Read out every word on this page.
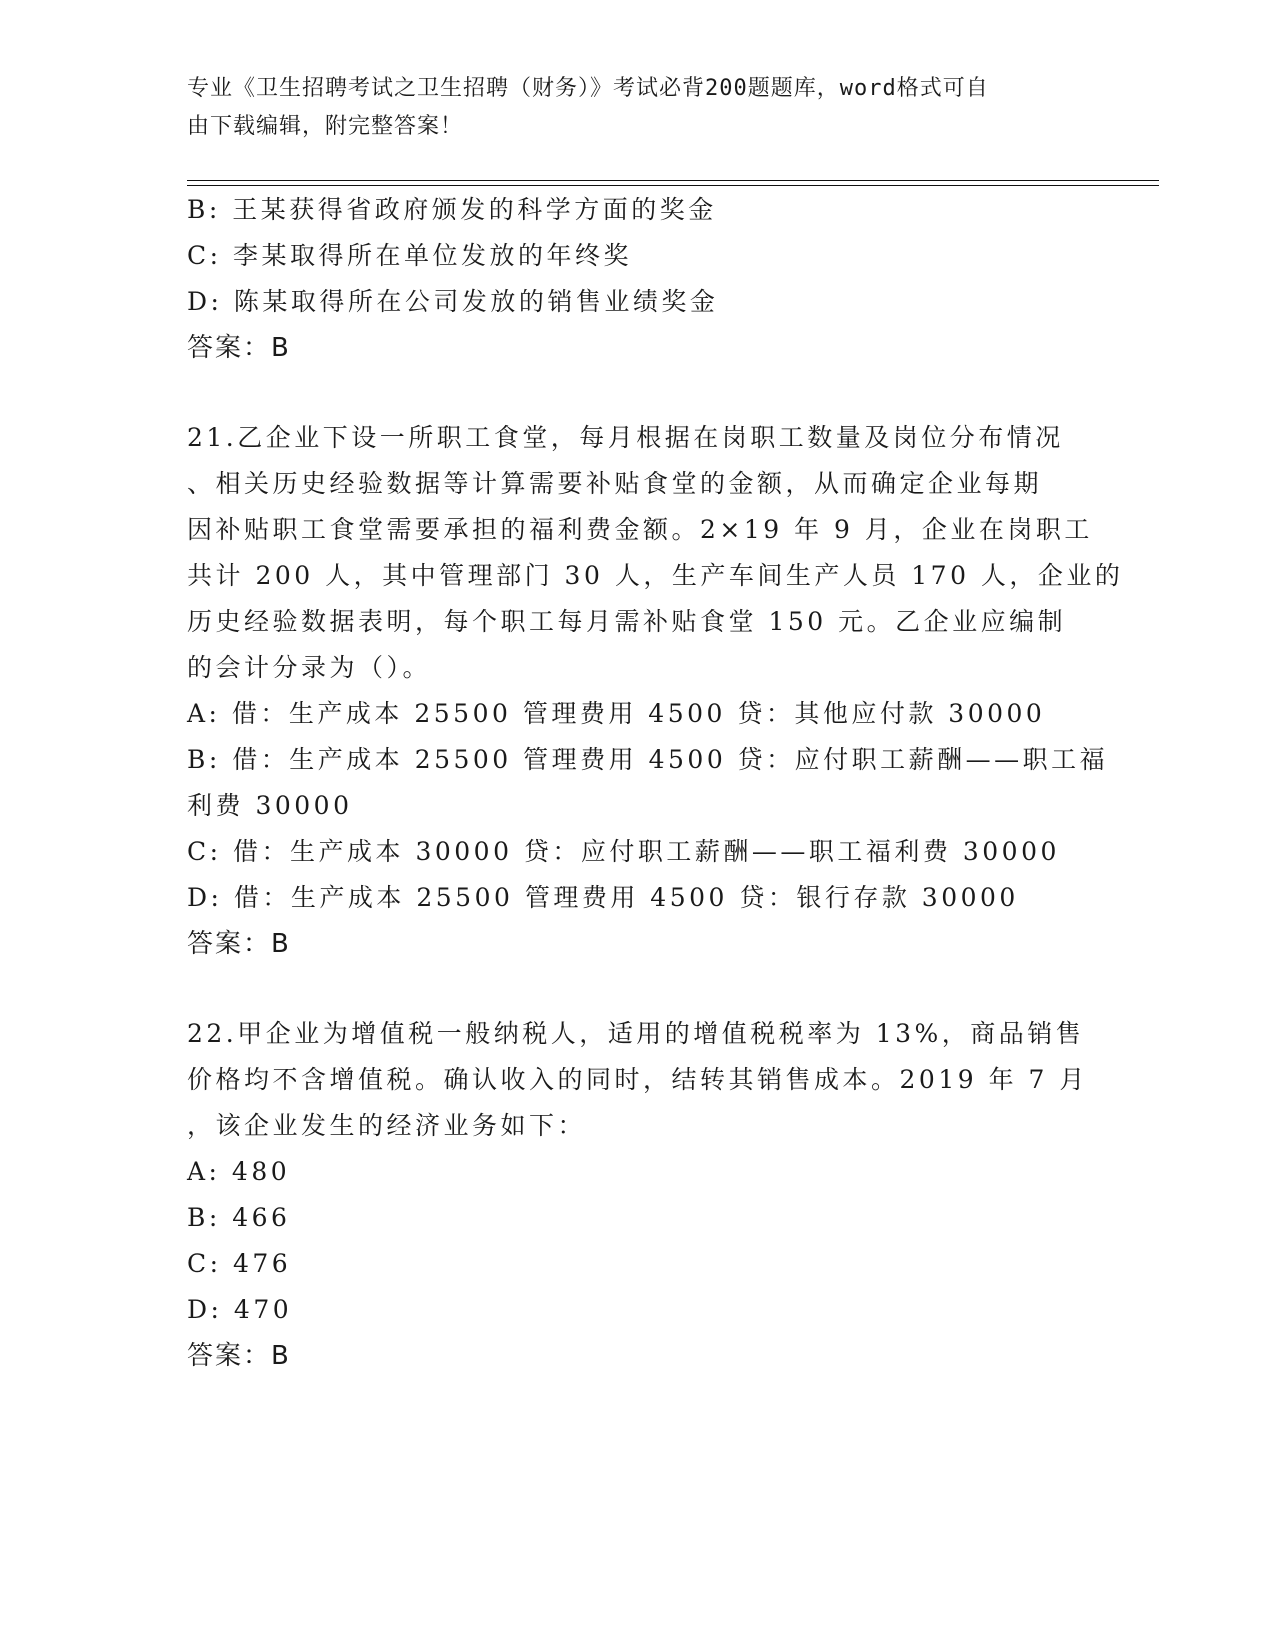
专业《卫生招聘考试之卫生招聘（财务）》考试必背200题题库，word格式可自
由下载编辑，附完整答案！
B: 王某获得省政府颁发的科学方面的奖金
C: 李某取得所在单位发放的年终奖
D: 陈某取得所在公司发放的销售业绩奖金
答案：B
21.乙企业下设一所职工食堂，每月根据在岗职工数量及岗位分布情况
、相关历史经验数据等计算需要补贴食堂的金额，从而确定企业每期
因补贴职工食堂需要承担的福利费金额。2×19 年 9 月，企业在岗职工
共计 200 人，其中管理部门 30 人，生产车间生产人员 170 人，企业的
历史经验数据表明，每个职工每月需补贴食堂 150 元。乙企业应编制
的会计分录为（）。
A: 借：生产成本 25500 管理费用 4500 贷：其他应付款 30000
B: 借：生产成本 25500 管理费用 4500 贷：应付职工薪酬——职工福
利费 30000
C: 借：生产成本 30000 贷：应付职工薪酬——职工福利费 30000
D: 借：生产成本 25500 管理费用 4500 贷：银行存款 30000
答案：B
22.甲企业为增值税一般纳税人，适用的增值税税率为 13%，商品销售
价格均不含增值税。确认收入的同时，结转其销售成本。2019 年 7 月
，该企业发生的经济业务如下：
A: 480
B: 466
C: 476
D: 470
答案：B
